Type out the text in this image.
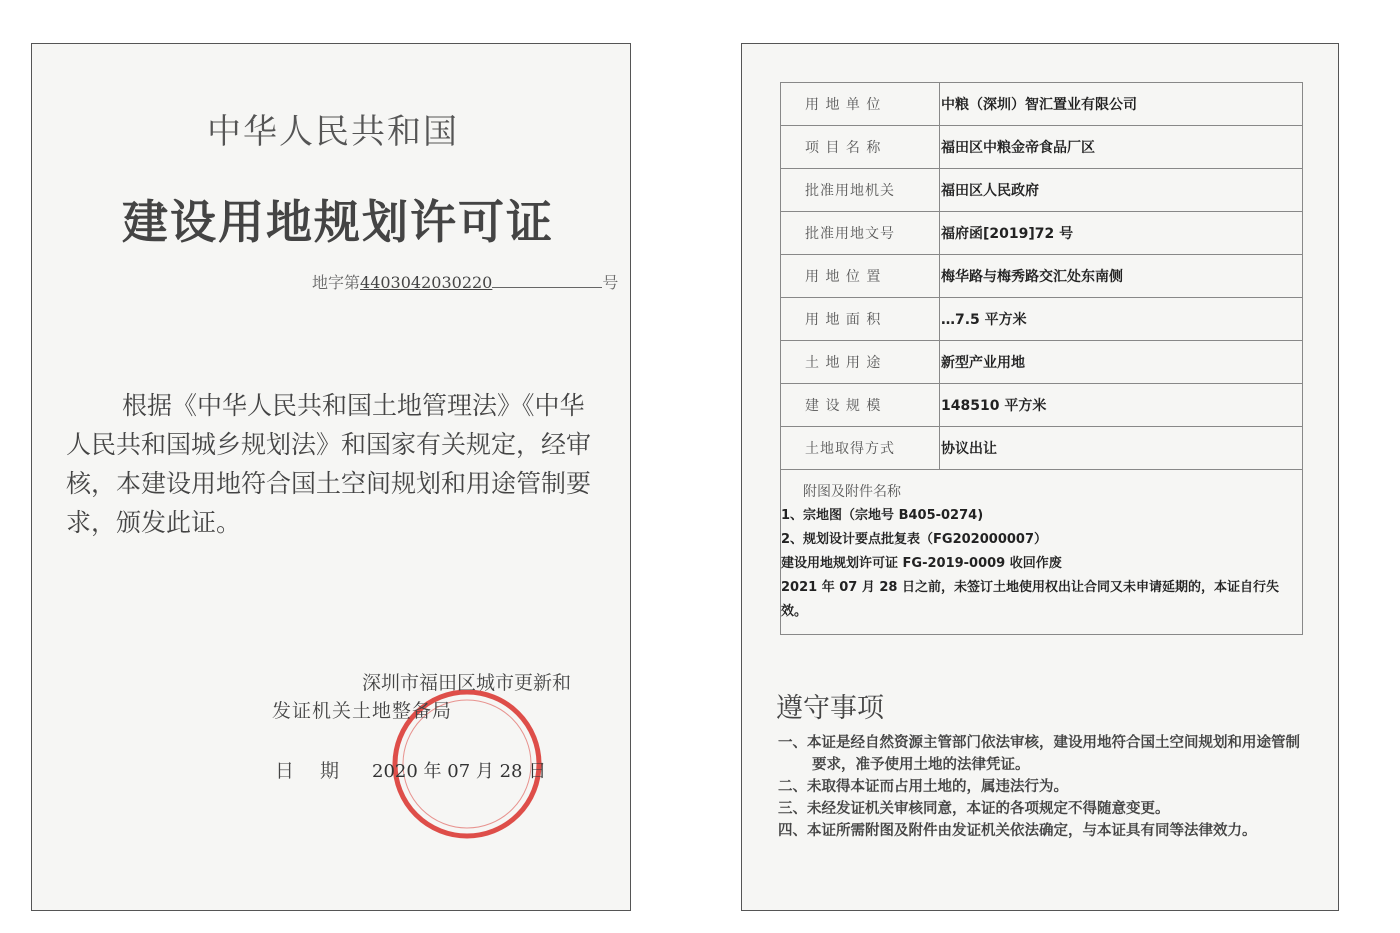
中华人民共和国
建设用地规划许可证
地字第4403042030220	号
根据《中华人民共和国土地管理法》《中华人民共和国城乡规划法》和国家有关规定，经审核，本建设用地符合国土空间规划和用途管制要求，颁发此证。
深圳市福田区城市更新和
发证机关土地整备局
日 期 2020 年 07 月 28 日
用 地 单 位	中粮（深圳）智汇置业有限公司
项 目 名 称	福田区中粮金帝食品厂区
批准用地机关	福田区人民政府
批准用地文号	福府函[2019]72 号
用 地 位 置	梅华路与梅秀路交汇处东南侧
用 地 面 积	…7.5 平方米
土 地 用 途	新型产业用地
建 设 规 模	148510 平方米
土地取得方式	协议出让

附图及附件名称
1、宗地图（宗地号 B405-0274)
2、规划设计要点批复表（FG202000007）
建设用地规划许可证 FG-2019-0009 收回作废
2021 年 07 月 28 日之前，未签订土地使用权出让合同又未申请延期的，本证自行失效。	
遵守事项
一、本证是经自然资源主管部门依法审核，建设用地符合国土空间规划和用途管制要求，准予使用土地的法律凭证。
二、未取得本证而占用土地的，属违法行为。
三、未经发证机关审核同意，本证的各项规定不得随意变更。
四、本证所需附图及附件由发证机关依法确定，与本证具有同等法律效力。
